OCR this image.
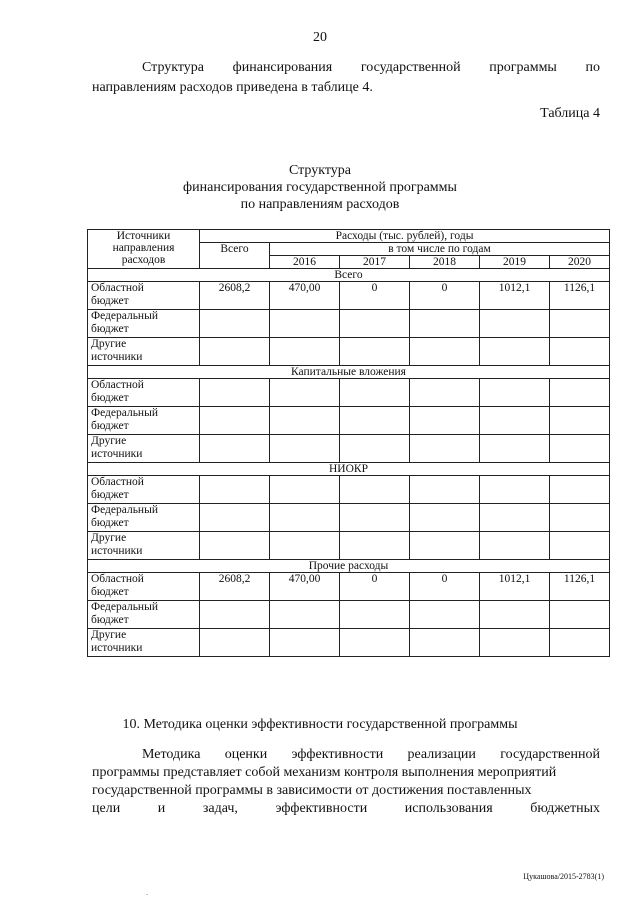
20
Структура финансирования государственной программы по
направлениям расходов приведена в таблице 4.
Таблица 4
Структура
финансирования государственной программы
по направлениям расходов
Источники
направления
расходов	Расходы (тыс. рублей), годы					
	Всего	в том числе по годам				
		2016	2017	2018	2019	2020
Всего						

Областной
бюджет	2608,2	470,00	0	0	1012,1	1126,1

Федеральный
бюджет						

Другие
источники						

Капитальные вложения						

Областной
бюджет						

Федеральный
бюджет						

Другие
источники						

НИОКР						

Областной
бюджет						

Федеральный
бюджет						

Другие
источники						

Прочие расходы						

Областной
бюджет	2608,2	470,00	0	0	1012,1	1126,1

Федеральный
бюджет						

Другие
источники						

10. Методика оценки эффективности государственной программы
Методика оценки эффективности реализации государственной
программы представляет собой механизм контроля выполнения мероприятий
государственной программы в зависимости от достижения поставленных
цели	и	задач,	эффективности	использования	бюджетных
Цукашова/2015-2783(1)
.
